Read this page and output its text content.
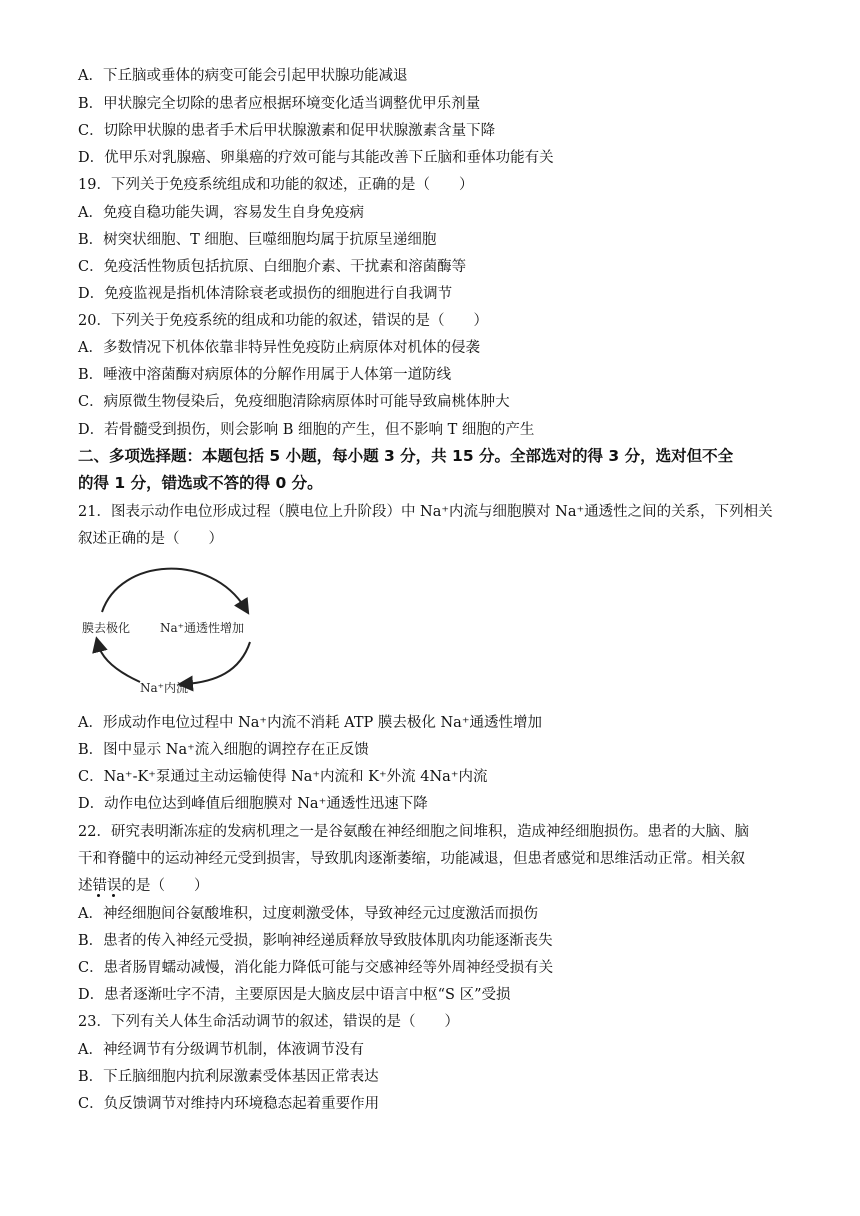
A．下丘脑或垂体的病变可能会引起甲状腺功能减退
B．甲状腺完全切除的患者应根据环境变化适当调整优甲乐剂量
C．切除甲状腺的患者手术后甲状腺激素和促甲状腺激素含量下降
D．优甲乐对乳腺癌、卵巢癌的疗效可能与其能改善下丘脑和垂体功能有关
19．下列关于免疫系统组成和功能的叙述，正确的是（　　）
A．免疫自稳功能失调，容易发生自身免疫病
B．树突状细胞、T 细胞、巨噬细胞均属于抗原呈递细胞
C．免疫活性物质包括抗原、白细胞介素、干扰素和溶菌酶等
D．免疫监视是指机体清除衰老或损伤的细胞进行自我调节
20．下列关于免疫系统的组成和功能的叙述，错误的是（　　）
A．多数情况下机体依靠非特异性免疫防止病原体对机体的侵袭
B．唾液中溶菌酶对病原体的分解作用属于人体第一道防线
C．病原微生物侵染后，免疫细胞清除病原体时可能导致扁桃体肿大
D．若骨髓受到损伤，则会影响 B 细胞的产生，但不影响 T 细胞的产生
二、多项选择题：本题包括 5 小题，每小题 3 分，共 15 分。全部选对的得 3 分，选对但不全
的得 1 分，错选或不答的得 0 分。
21．图表示动作电位形成过程（膜电位上升阶段）中 Na⁺内流与细胞膜对 Na⁺通透性之间的关系，下列相关
叙述正确的是（　　）
膜去极化 Na⁺通透性增加
Na⁺内流
A．形成动作电位过程中 Na⁺内流不消耗 ATP 膜去极化 Na⁺通透性增加
B．图中显示 Na⁺流入细胞的调控存在正反馈
C．Na⁺-K⁺泵通过主动运输使得 Na⁺内流和 K⁺外流 4Na⁺内流
D．动作电位达到峰值后细胞膜对 Na⁺通透性迅速下降
22．研究表明渐冻症的发病机理之一是谷氨酸在神经细胞之间堆积，造成神经细胞损伤。患者的大脑、脑
干和脊髓中的运动神经元受到损害，导致肌肉逐渐萎缩，功能减退，但患者感觉和思维活动正常。相关叙
述错误的是（　　）
A．神经细胞间谷氨酸堆积，过度刺激受体，导致神经元过度激活而损伤
B．患者的传入神经元受损，影响神经递质释放导致肢体肌肉功能逐渐丧失
C．患者肠胃蠕动减慢，消化能力降低可能与交感神经等外周神经受损有关
D．患者逐渐吐字不清，主要原因是大脑皮层中语言中枢“S 区”受损
23．下列有关人体生命活动调节的叙述，错误的是（　　）
A．神经调节有分级调节机制，体液调节没有
B．下丘脑细胞内抗利尿激素受体基因正常表达
C．负反馈调节对维持内环境稳态起着重要作用
